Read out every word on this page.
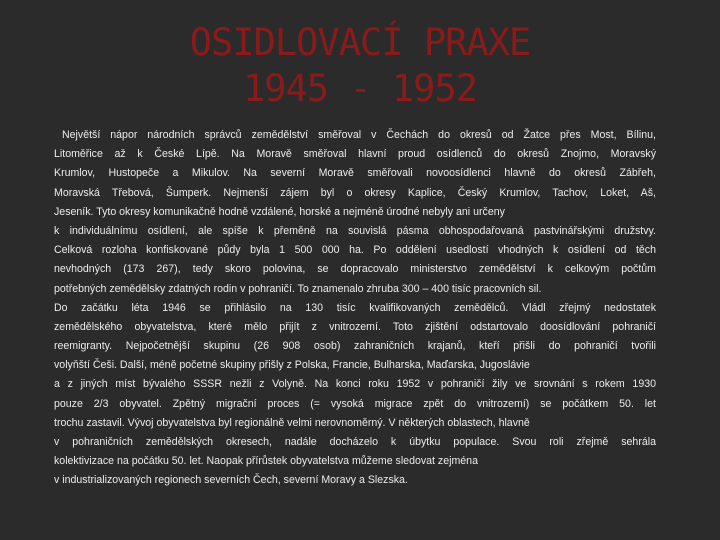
OSIDLOVACÍ PRAXE
1945 - 1952
Největší nápor národních správců zemědělství směřoval v Čechách do okresů od Žatce přes Most, Bílinu,
Litoměřice až k České Lípě. Na Moravě směřoval hlavní proud osídlenců do okresů Znojmo, Moravský
Krumlov, Hustopeče a Mikulov. Na severní Moravě směřovali novoosídlenci hlavně do okresů Zábřeh,
Moravská Třebová, Šumperk. Nejmenší zájem byl o okresy Kaplice, Český Krumlov, Tachov, Loket, Aš,
Jeseník. Tyto okresy komunikačně hodně vzdálené, horské a nejméně úrodné nebyly ani určeny
k individuálnímu osídlení, ale spíše k přeměně na souvislá pásma obhospodařovaná pastvinářskými družstvy.
Celková rozloha konfiskované půdy byla 1 500 000 ha. Po oddělení usedlostí vhodných k osídlení od těch
nevhodných (173 267), tedy skoro polovina, se dopracovalo ministerstvo zemědělství k celkovým počtům
potřebných zemědělsky zdatných rodin v pohraničí. To znamenalo zhruba 300 – 400 tisíc pracovních sil.
Do začátku léta 1946 se přihlásilo na 130 tisíc kvalifikovaných zemědělců. Vládl zřejmý nedostatek
zemědělského obyvatelstva, které mělo přijít z vnitrozemí. Toto zjištění odstartovalo doosídlování pohraničí
reemigranty. Nejpočetnější skupinu (26 908 osob) zahraničních krajanů, kteří přišli do pohraničí tvořili
volyňští Češi. Další, méně početné skupiny přišly z Polska, Francie, Bulharska, Maďarska, Jugoslávie
a z jiných míst bývalého SSSR nežli z Volyně. Na konci roku 1952 v pohraničí žily ve srovnání s rokem 1930
pouze 2/3 obyvatel. Zpětný migrační proces (= vysoká migrace zpět do vnitrozemí) se počátkem 50. let
trochu zastavil. Vývoj obyvatelstva byl regionálně velmi nerovnoměrný. V některých oblastech, hlavně
v pohraničních zemědělských okresech, nadále docházelo k úbytku populace. Svou roli zřejmě sehrála
kolektivizace na počátku 50. let. Naopak přírůstek obyvatelstva můžeme sledovat zejména
v industrializovaných regionech severních Čech, severní Moravy a Slezska.
